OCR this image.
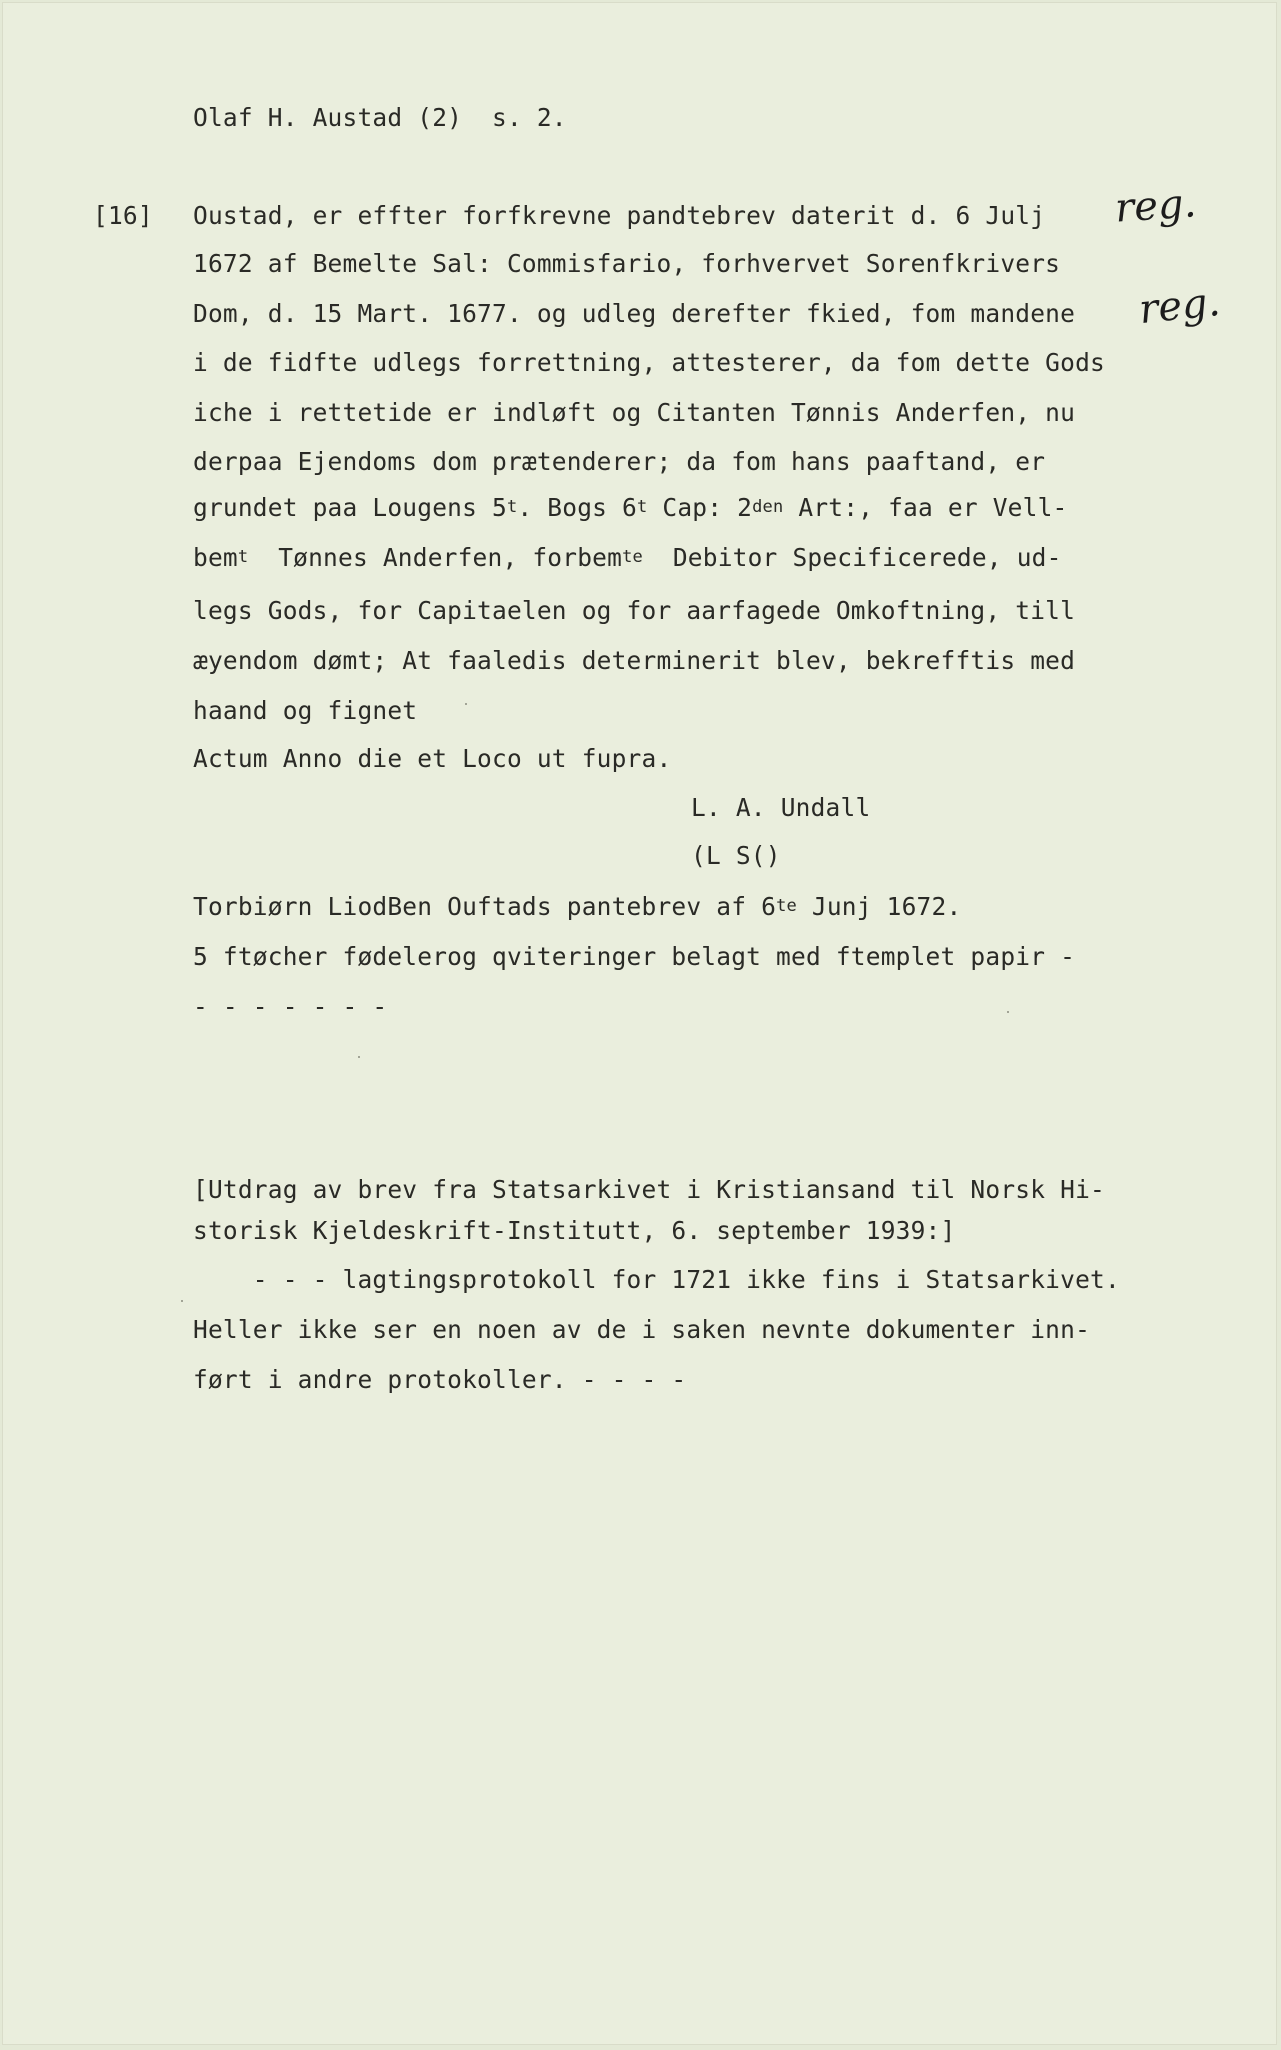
Olaf H. Austad (2)  s. 2.
[16] Oustad, er effter forfkrevne pandtebrev daterit d. 6 Julj
1672 af Bemelte Sal: Commisfario, forhvervet Sorenfkrivers
Dom, d. 15 Mart. 1677. og udleg derefter fkied, fom mandene
i de fidfte udlegs forrettning, attesterer, da fom dette Gods
iche i rettetide er indløft og Citanten Tønnis Anderfen, nu
derpaa Ejendoms dom prætenderer; da fom hans paaftand, er
grundet paa Lougens 5$^t$. Bogs 6$^t$ Cap: $2^{den}$ Art:, faa er Vell-
bem$^t$  Tønnes Anderfen, forbem$^{te}$  Debitor Specificerede, ud-
legs Gods, for Capitaelen og for aarfagede Omkoftning, till
æyendom dømt; At faaledis determinerit blev, bekrefftis med
haand og fignet
Actum Anno die et Loco ut fupra.
L. A. Undall
(L S()
Torbiørn LiodBen Ouftads pantebrev af $6^{te}$ Junj 1672.
5 ftøcher fødelerog qviteringer belagt med ftemplet papir -
- - - - - - -
[Utdrag av brev fra Statsarkivet i Kristiansand til Norsk Hi-
storisk Kjeldeskrift-Institutt, 6. september 1939:]
- - - lagtingsprotokoll for 1721 ikke fins i Statsarkivet.
Heller ikke ser en noen av de i saken nevnte dokumenter inn-
ført i andre protokoller. - - - -
reg.
reg.
